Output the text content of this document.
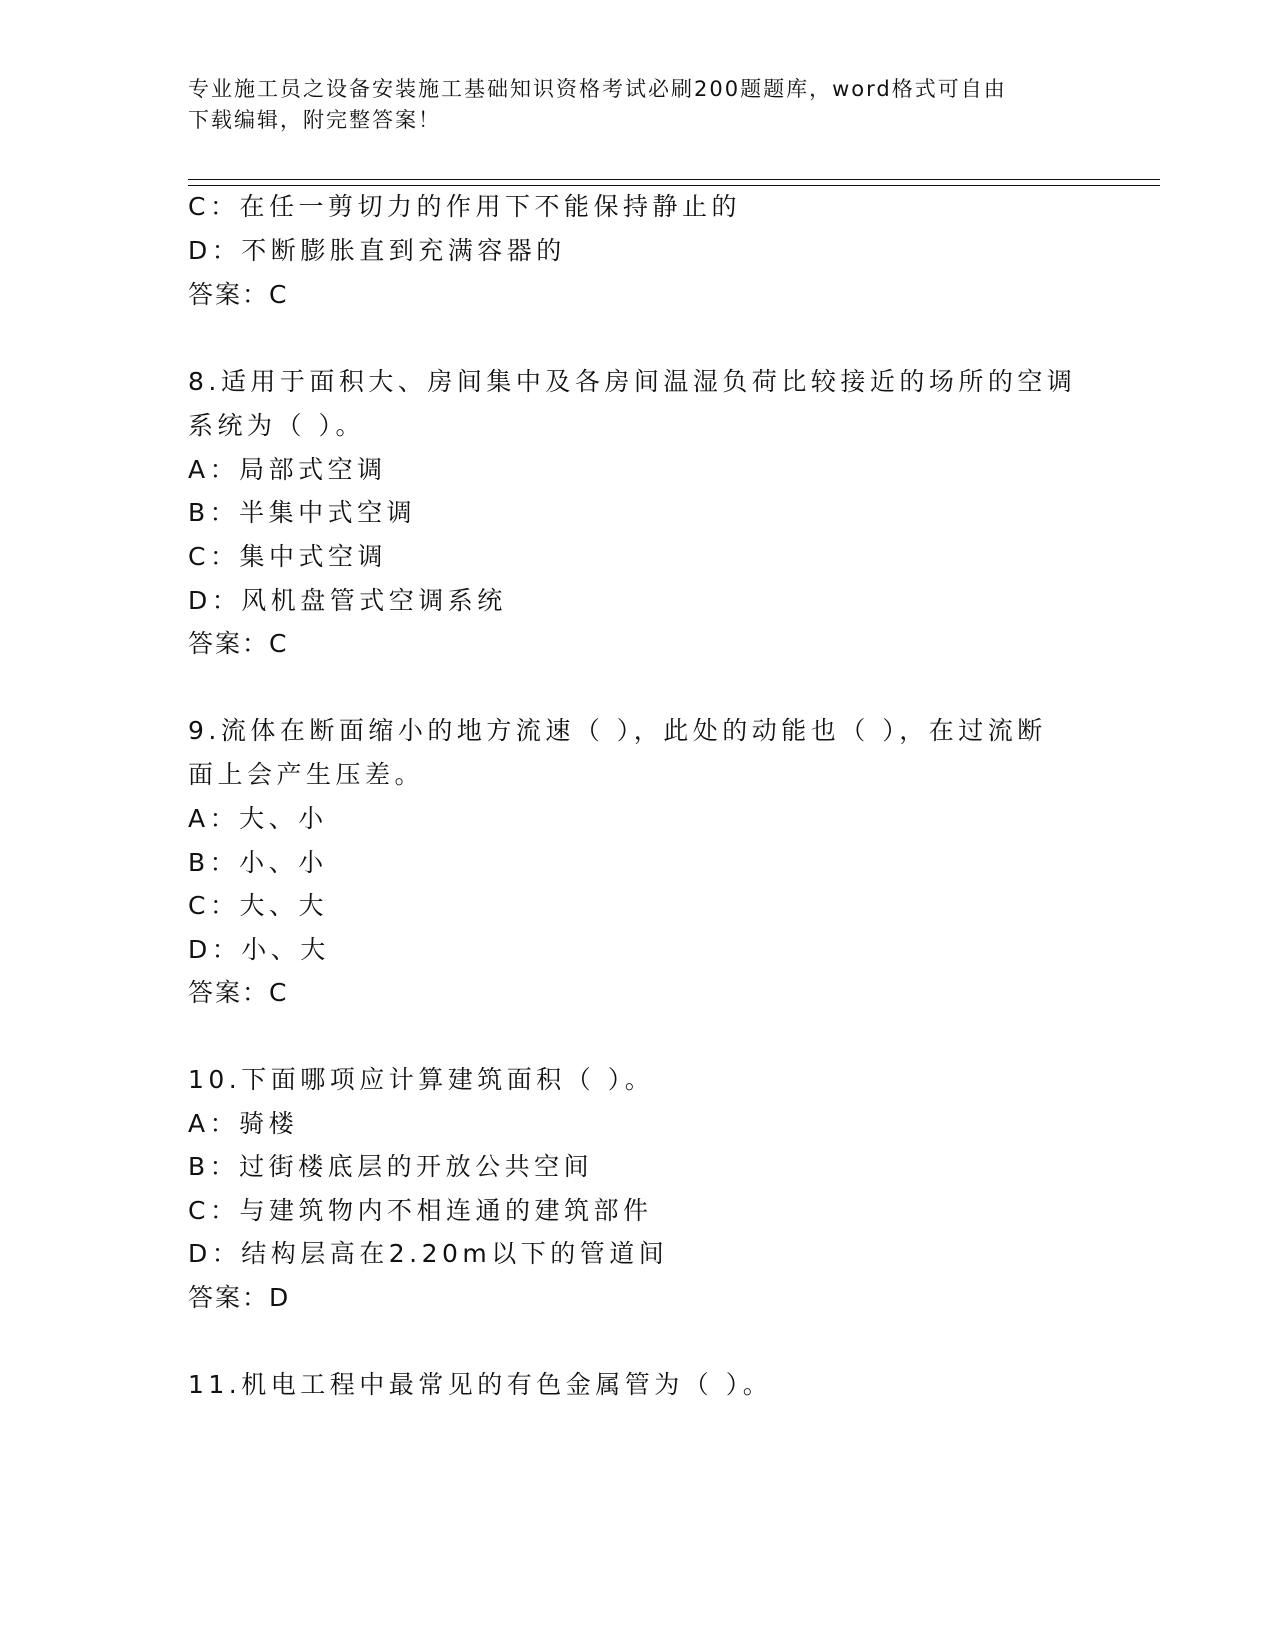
专业施工员之设备安装施工基础知识资格考试必刷200题题库，word格式可自由
下载编辑，附完整答案！
C：在任一剪切力的作用下不能保持静止的
D：不断膨胀直到充满容器的
答案：C
8.适用于面积大、房间集中及各房间温湿负荷比较接近的场所的空调
系统为（ ）。
A：局部式空调
B：半集中式空调
C：集中式空调
D：风机盘管式空调系统
答案：C
9.流体在断面缩小的地方流速（ ），此处的动能也（ ），在过流断
面上会产生压差。
A：大、小
B：小、小
C：大、大
D：小、大
答案：C
10.下面哪项应计算建筑面积（ ）。
A：骑楼
B：过街楼底层的开放公共空间
C：与建筑物内不相连通的建筑部件
D：结构层高在2.20m以下的管道间
答案：D
11.机电工程中最常见的有色金属管为（ ）。
